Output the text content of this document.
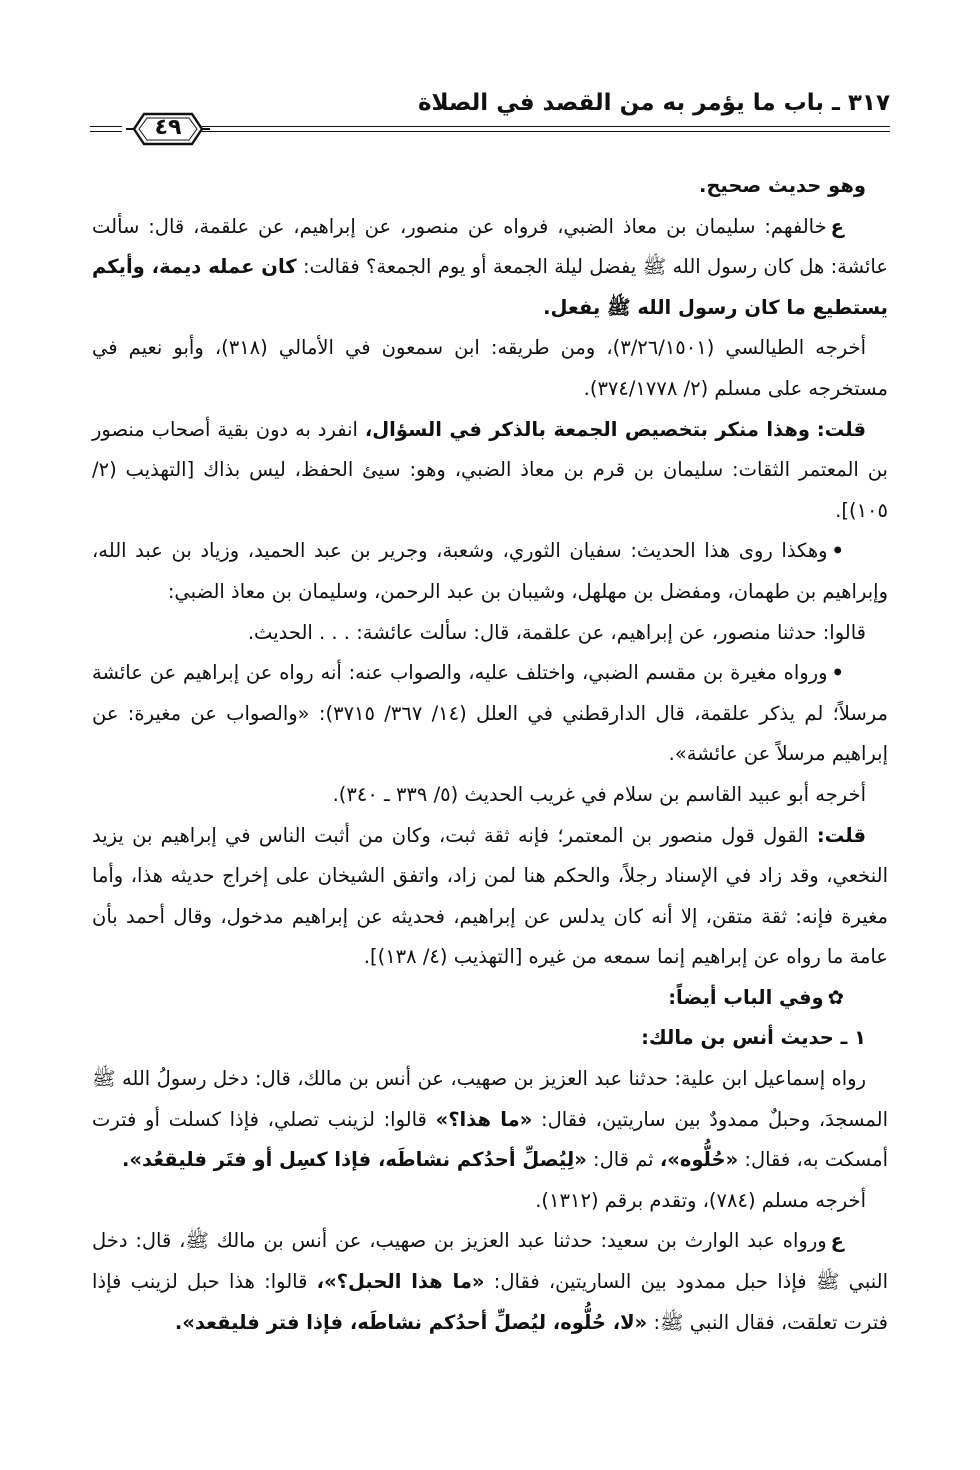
٣١٧ ـ باب ما يؤمر به من القصد في الصلاة
٤٩

وهو حديث صحيح.

عخالفهم: سليمان بن معاذ الضبي، فرواه عن منصور، عن إبراهيم، عن علقمة، قال: سألت عائشة: هل كان رسول الله ﷺ يفضل ليلة الجمعة أو يوم الجمعة؟ فقالت: كان عمله ديمة، وأيكم يستطيع ما كان رسول الله ﷺ يفعل.

أخرجه الطيالسي (٣/٢٦/١٥٠١)، ومن طريقه: ابن سمعون في الأمالي (٣١٨)، وأبو نعيم في مستخرجه على مسلم (٢/ ٣٧٤/١٧٧٨).

قلت: وهذا منكر بتخصيص الجمعة بالذكر في السؤال، انفرد به دون بقية أصحاب منصور بن المعتمر الثقات: سليمان بن قرم بن معاذ الضبي، وهو: سيئ الحفظ، ليس بذاك [التهذيب (٢/ ١٠٥)].

•وهكذا روى هذا الحديث: سفيان الثوري، وشعبة، وجرير بن عبد الحميد، وزياد بن عبد الله، وإبراهيم بن طهمان، ومفضل بن مهلهل، وشيبان بن عبد الرحمن، وسليمان بن معاذ الضبي:

قالوا: حدثنا منصور، عن إبراهيم، عن علقمة، قال: سألت عائشة: . . . الحديث.

•ورواه مغيرة بن مقسم الضبي، واختلف عليه، والصواب عنه: أنه رواه عن إبراهيم عن عائشة مرسلاً؛ لم يذكر علقمة، قال الدارقطني في العلل (١٤/ ٣٦٧/ ٣٧١٥): «والصواب عن مغيرة: عن إبراهيم مرسلاً عن عائشة».

أخرجه أبو عبيد القاسم بن سلام في غريب الحديث (٥/ ٣٣٩ ـ ٣٤٠).

قلت: القول قول منصور بن المعتمر؛ فإنه ثقة ثبت، وكان من أثبت الناس في إبراهيم بن يزيد النخعي، وقد زاد في الإسناد رجلاً، والحكم هنا لمن زاد، واتفق الشيخان على إخراج حديثه هذا، وأما مغيرة فإنه: ثقة متقن، إلا أنه كان يدلس عن إبراهيم، فحديثه عن إبراهيم مدخول، وقال أحمد بأن عامة ما رواه عن إبراهيم إنما سمعه من غيره [التهذيب (٤/ ١٣٨)].

✿وفي الباب أيضاً:

١ ـ حديث أنس بن مالك:

رواه إسماعيل ابن علية: حدثنا عبد العزيز بن صهيب، عن أنس بن مالك، قال: دخل رسولُ الله ﷺ المسجدَ، وحبلٌ ممدودٌ بين ساريتين، فقال: «ما هذا؟» قالوا: لزينب تصلي، فإذا كسلت أو فترت أمسكت به، فقال: «حُلُّوه»، ثم قال: «لِيُصلِّ أحدُكم نشاطَه، فإذا كسِل أو فتَر فليقعُد».

أخرجه مسلم (٧٨٤)، وتقدم برقم (١٣١٢).

عورواه عبد الوارث بن سعيد: حدثنا عبد العزيز بن صهيب، عن أنس بن مالك ﷺ، قال: دخل النبي ﷺ فإذا حبل ممدود بين الساريتين، فقال: «ما هذا الحبل؟»، قالوا: هذا حبل لزينب فإذا فترت تعلقت، فقال النبي ﷺ: «لا، حُلُّوه، ليُصلِّ أحدُكم نشاطَه، فإذا فتر فليقعد».
